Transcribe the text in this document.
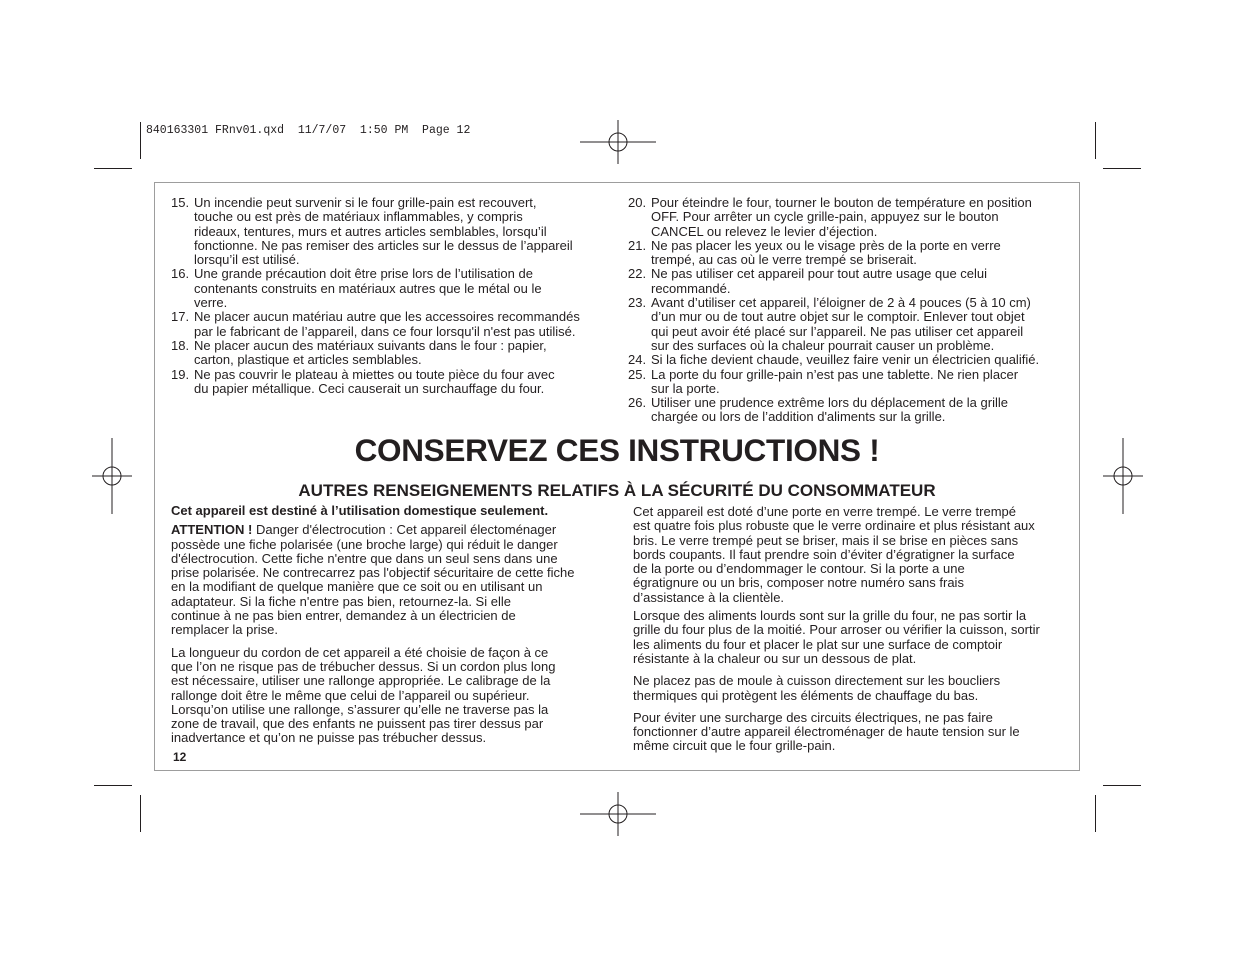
840163301 FRnv01.qxd  11/7/07  1:50 PM  Page 12
15. Un incendie peut survenir si le four grille-pain est recouvert,
touche ou est près de matériaux inflammables, y compris
rideaux, tentures, murs et autres articles semblables, lorsqu’il
fonctionne. Ne pas remiser des articles sur le dessus de l’appareil
lorsqu’il est utilisé.
16. Une grande précaution doit être prise lors de l’utilisation de
contenants construits en matériaux autres que le métal ou le
verre.
17. Ne placer aucun matériau autre que les accessoires recommandés
par le fabricant de l’appareil, dans ce four lorsqu'il n'est pas utilisé.
18. Ne placer aucun des matériaux suivants dans le four : papier,
carton, plastique et articles semblables.
19. Ne pas couvrir le plateau à miettes ou toute pièce du four avec
du papier métallique. Ceci causerait un surchauffage du four.
20. Pour éteindre le four, tourner le bouton de température en position
OFF. Pour arrêter un cycle grille-pain, appuyez sur le bouton
CANCEL ou relevez le levier d’éjection.
21. Ne pas placer les yeux ou le visage près de la porte en verre
trempé, au cas où le verre trempé se briserait.
22. Ne pas utiliser cet appareil pour tout autre usage que celui
recommandé.
23. Avant d’utiliser cet appareil, l’éloigner de 2 à 4 pouces (5 à 10 cm)
d’un mur ou de tout autre objet sur le comptoir. Enlever tout objet
qui peut avoir été placé sur l’appareil. Ne pas utiliser cet appareil
sur des surfaces où la chaleur pourrait causer un problème.
24. Si la fiche devient chaude, veuillez faire venir un électricien qualifié.
25. La porte du four grille-pain n’est pas une tablette. Ne rien placer
sur la porte.
26. Utiliser une prudence extrême lors du déplacement de la grille
chargée ou lors de l’addition d'aliments sur la grille.
CONSERVEZ CES INSTRUCTIONS !
AUTRES RENSEIGNEMENTS RELATIFS À LA SÉCURITÉ DU CONSOMMATEUR

Cet appareil est destiné à l’utilisation domestique seulement.

ATTENTION ! Danger d'électrocution : Cet appareil électoménager
possède une fiche polarisée (une broche large) qui réduit le danger
d'électrocution. Cette fiche n'entre que dans un seul sens dans une
prise polarisée. Ne contrecarrez pas l'objectif sécuritaire de cette fiche
en la modifiant de quelque manière que ce soit ou en utilisant un
adaptateur. Si la fiche n'entre pas bien, retournez-la. Si elle
continue à ne pas bien entrer, demandez à un électricien de
remplacer la prise.

La longueur du cordon de cet appareil a été choisie de façon à ce
que l’on ne risque pas de trébucher dessus. Si un cordon plus long
est nécessaire, utiliser une rallonge appropriée. Le calibrage de la
rallonge doit être le même que celui de l’appareil ou supérieur.
Lorsqu’on utilise une rallonge, s’assurer qu’elle ne traverse pas la
zone de travail, que des enfants ne puissent pas tirer dessus par
inadvertance et qu’on ne puisse pas trébucher dessus.

Cet appareil est doté d’une porte en verre trempé. Le verre trempé
est quatre fois plus robuste que le verre ordinaire et plus résistant aux
bris. Le verre trempé peut se briser, mais il se brise en pièces sans
bords coupants. Il faut prendre soin d’éviter d’égratigner la surface
de la porte ou d’endommager le contour. Si la porte a une
égratignure ou un bris, composer notre numéro sans frais
d’assistance à la clientèle.

Lorsque des aliments lourds sont sur la grille du four, ne pas sortir la
grille du four plus de la moitié. Pour arroser ou vérifier la cuisson, sortir
les aliments du four et placer le plat sur une surface de comptoir
résistante à la chaleur ou sur un dessous de plat.

Ne placez pas de moule à cuisson directement sur les boucliers
thermiques qui protègent les éléments de chauffage du bas.

Pour éviter une surcharge des circuits électriques, ne pas faire
fonctionner d’autre appareil électroménager de haute tension sur le
même circuit que le four grille-pain.

12
